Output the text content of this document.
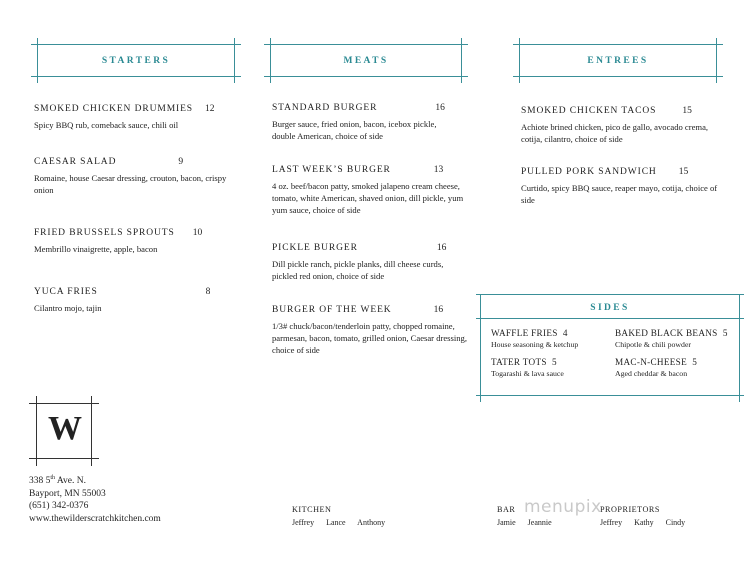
STARTERS	MEATS	ENTREES
SMOKED CHICKEN DRUMMIES 12
Spicy BBQ rub, comeback sauce, chili oil
CAESAR SALAD	9
Romaine, house Caesar dressing, crouton, bacon, crispy onion
FRIED BRUSSELS SPROUTS 10
Membrillo vinaigrette, apple, bacon
YUCA FRIES	8
Cilantro mojo, tajin
STANDARD BURGER	16
Burger sauce, fried onion, bacon, icebox pickle, double American, choice of side
LAST WEEK’S BURGER	13
4 oz. beef/bacon patty, smoked jalapeno cream cheese, tomato, white American, shaved onion, dill pickle, yum yum sauce, choice of side
PICKLE BURGER	16
Dill pickle ranch, pickle planks, dill cheese curds, pickled red onion, choice of side
BURGER OF THE WEEK	16
1/3# chuck/bacon/tenderloin patty, chopped romaine, parmesan, bacon, tomato, grilled onion, Caesar dressing, choice of side
SMOKED CHICKEN TACOS	15
Achiote brined chicken, pico de gallo, avocado crema, cotija, cilantro, choice of side
PULLED PORK SANDWICH 15
Curtido, spicy BBQ sauce, reaper mayo, cotija, choice of side
SIDES
WAFFLE FRIES 4
House seasoning & ketchup
BAKED BLACK BEANS 5
Chipotle & chili powder
TATER TOTS 5
Togarashi & lava sauce
MAC-N-CHEESE 5
Aged cheddar & bacon
W
338 5th Ave. N.
Bayport, MN 55003
(651) 342-0376
www.thewilderscratchkitchen.com
KITCHEN
Jeffrey Lance Anthony
BAR
Jamie Jeannie
PROPRIETORS
Jeffrey Kathy Cindy
menupix
